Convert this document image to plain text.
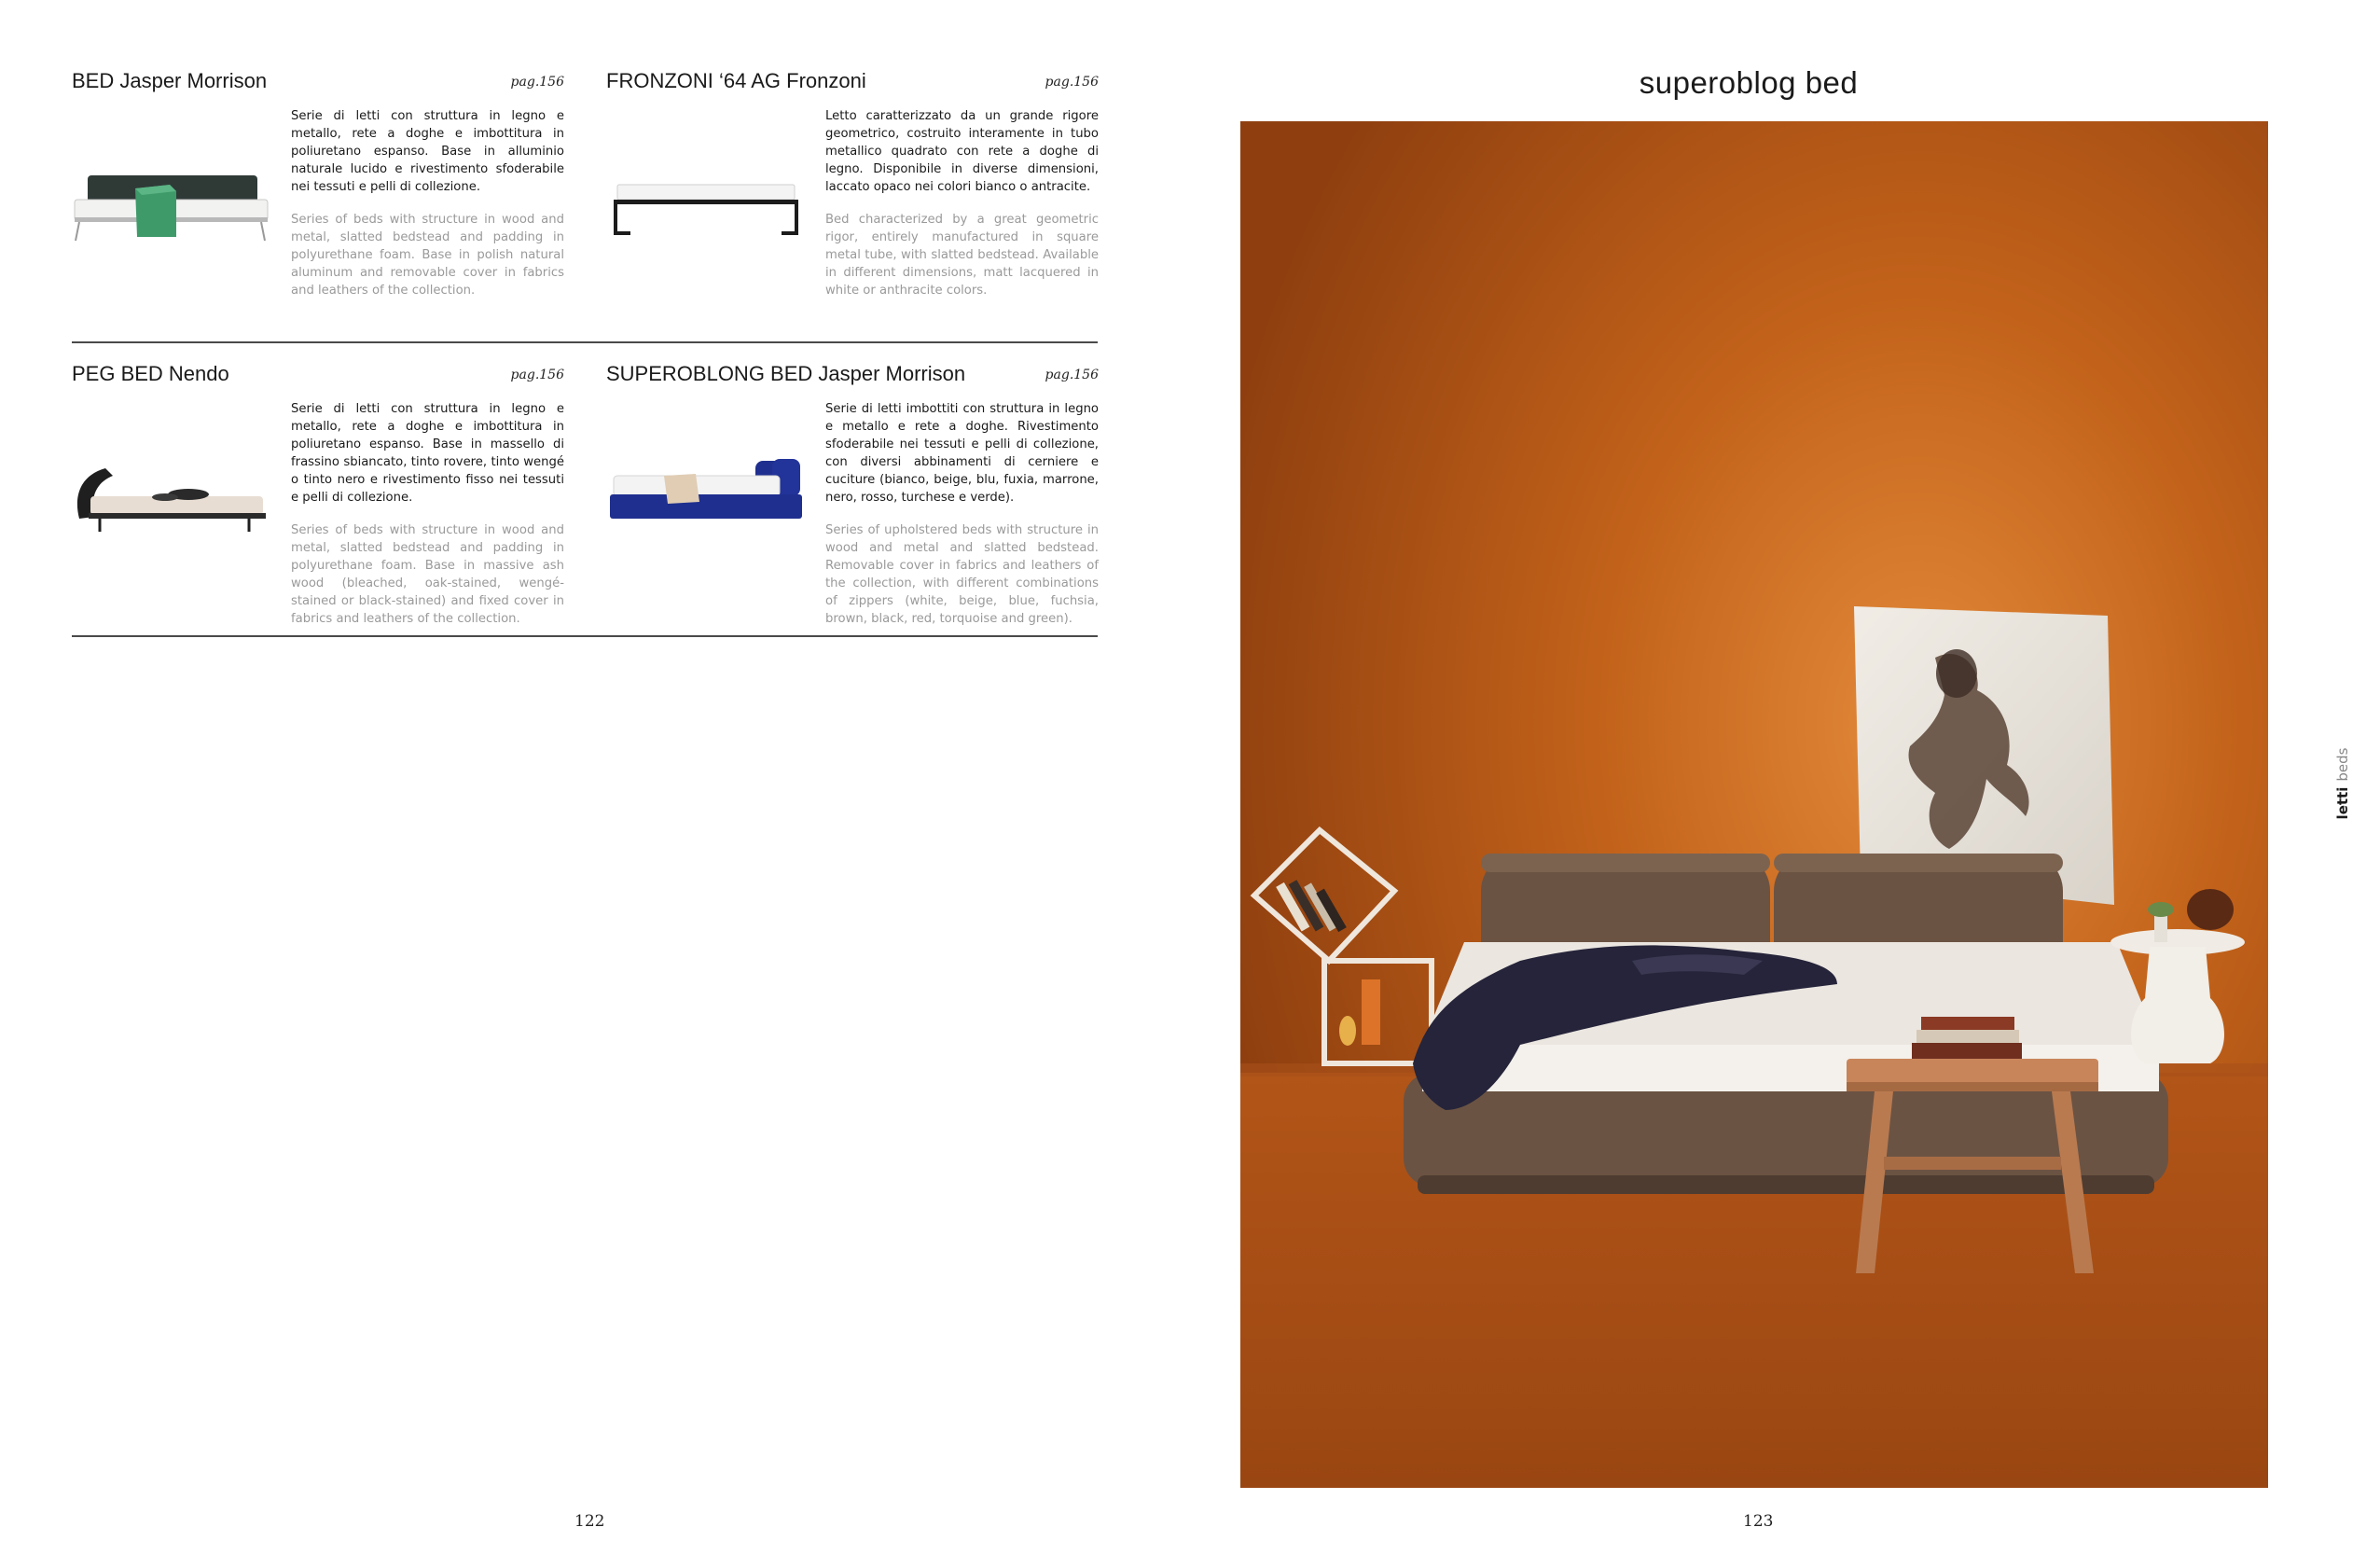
BED Jasper Morrison	pag.156
Serie di letti con struttura in legno e metallo, rete a doghe e imbottitura in poliuretano espanso. Base in alluminio naturale lucido e rivestimento sfoderabile nei tessuti e pelli di collezione.
Series of beds with structure in wood and metal, slatted bedstead and padding in polyurethane foam. Base in polish natural aluminum and removable cover in fabrics and leathers of the collection.
FRONZONI ‘64 AG Fronzoni	pag.156
Letto caratterizzato da un grande rigore geometrico, costruito interamente in tubo metallico quadrato con rete a doghe di legno. Disponibile in diverse dimensioni, laccato opaco nei colori bianco o antracite.
Bed characterized by a great geometric rigor, entirely manufactured in square metal tube, with slatted bedstead. Available in different dimensions, matt lacquered in white or anthracite colors.
PEG BED Nendo	pag.156
Serie di letti con struttura in legno e metallo, rete a doghe e imbottitura in poliuretano espanso. Base in massello di frassino sbiancato, tinto rovere, tinto wengé o tinto nero e rivestimento fisso nei tessuti e pelli di collezione.
Series of beds with structure in wood and metal, slatted bedstead and padding in polyurethane foam. Base in massive ash wood (bleached, oak-stained, wengé-stained or black-stained) and fixed cover in fabrics and leathers of the collection.
SUPEROBLONG BED Jasper Morrison	pag.156
Serie di letti imbottiti con struttura in legno e metallo e rete a doghe. Rivestimento sfoderabile nei tessuti e pelli di collezione, con diversi abbinamenti di cerniere e cuciture (bianco, beige, blu, fuxia, marrone, nero, rosso, turchese e verde).
Series of upholstered beds with structure in wood and metal and slatted bedstead. Removable cover in fabrics and leathers of the collection, with different combinations of zippers (white, beige, blue, fuchsia, brown, black, red, torquoise and green).
122
superoblog bed
lettibeds
123
